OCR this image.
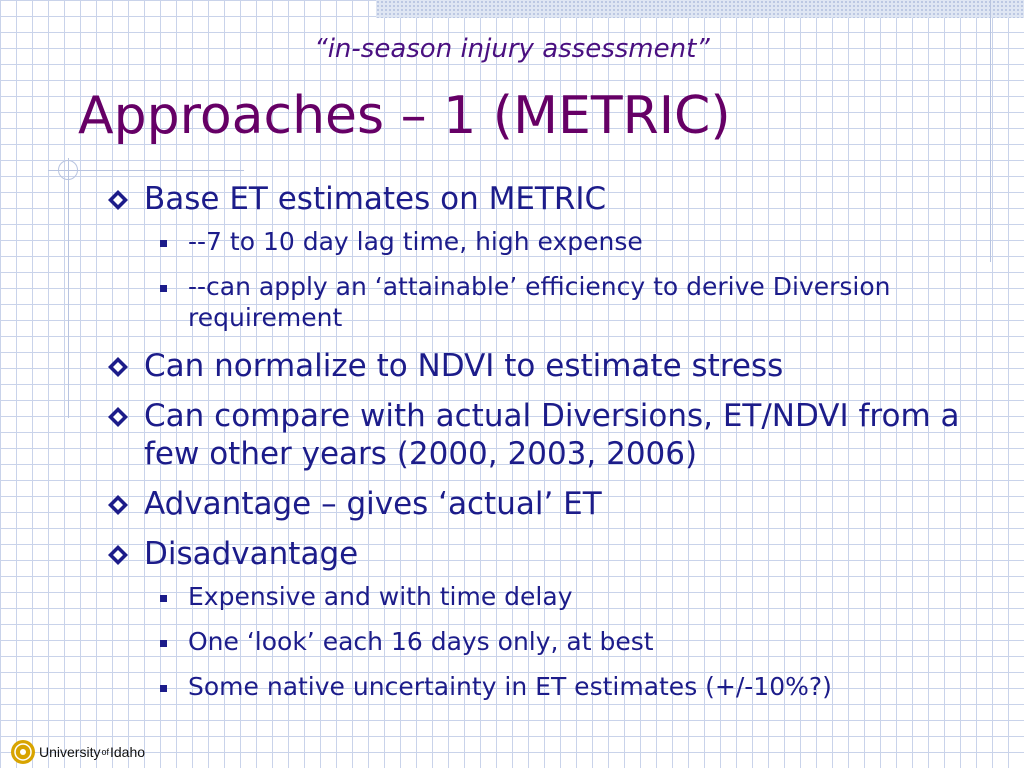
“in-season injury assessment”
Approaches – 1 (METRIC)
Base ET estimates on METRIC
--7 to 10 day lag time, high expense
--can apply an ‘attainable’ efficiency to derive Diversion requirement
Can normalize to NDVI to estimate stress
Can compare with actual Diversions, ET/NDVI from a few other years (2000, 2003, 2006)
Advantage – gives ‘actual’ ET
Disadvantage
Expensive and with time delay
One ‘look’ each 16 days only, at best
Some native uncertainty in ET estimates (+/-10%?)
University of Idaho
